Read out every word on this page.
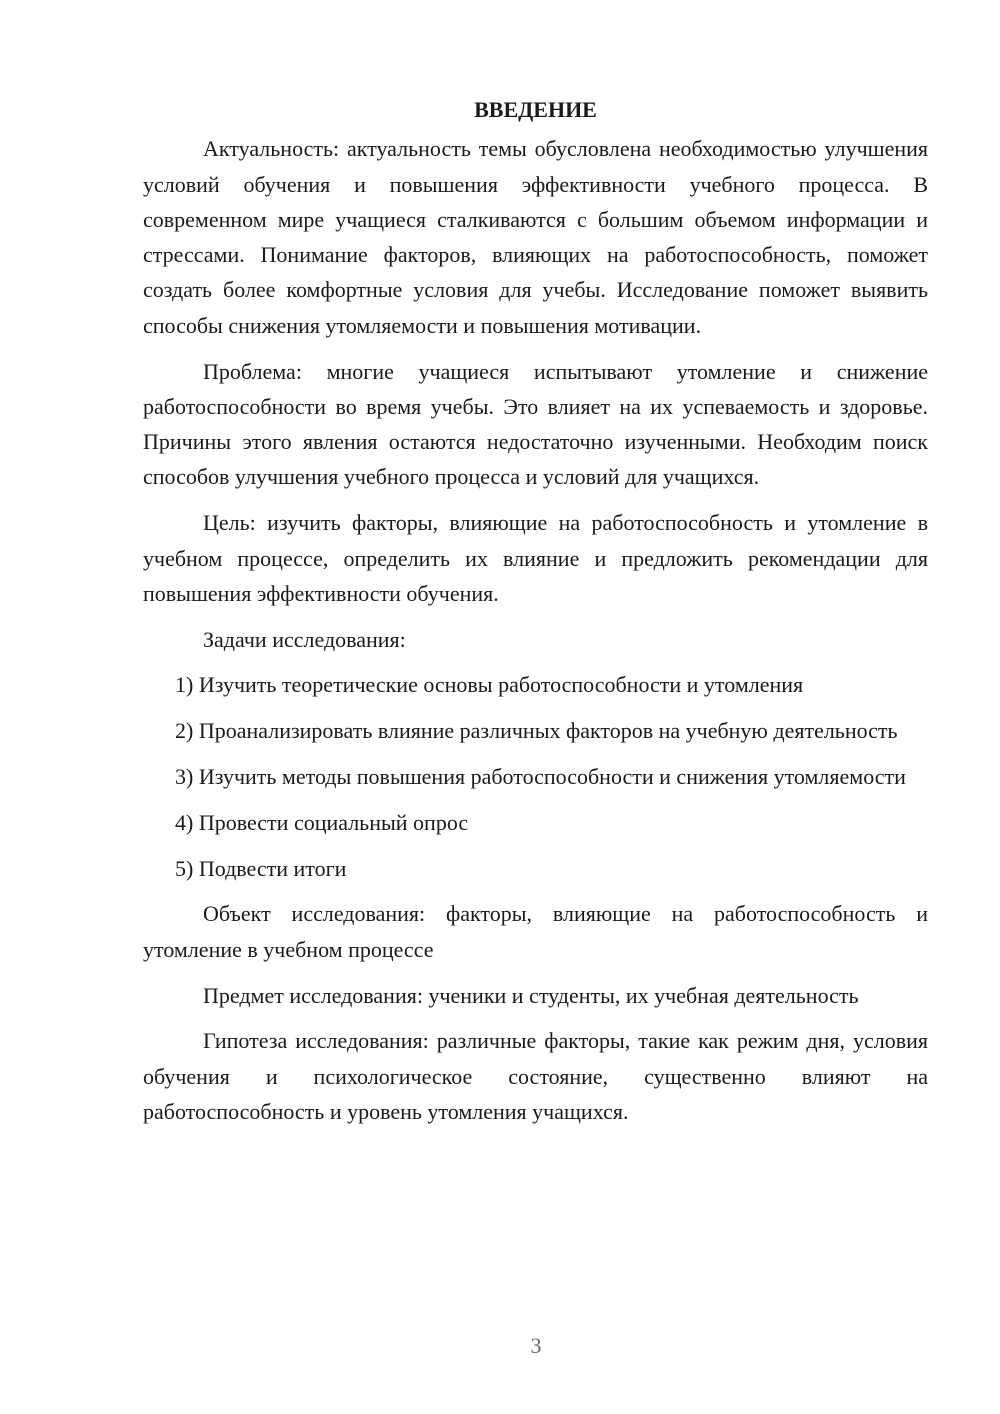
ВВЕДЕНИЕ

Актуальность: актуальность темы обусловлена необходимостью улучшения условий обучения и повышения эффективности учебного процесса. В современном мире учащиеся сталкиваются с большим объемом информации и стрессами. Понимание факторов, влияющих на работоспособность, поможет создать более комфортные условия для учебы. Исследование поможет выявить способы снижения утомляемости и повышения мотивации.

Проблема: многие учащиеся испытывают утомление и снижение работоспособности во время учебы. Это влияет на их успеваемость и здоровье. Причины этого явления остаются недостаточно изученными. Необходим поиск способов улучшения учебного процесса и условий для учащихся.

Цель: изучить факторы, влияющие на работоспособность и утомление в учебном процессе, определить их влияние и предложить рекомендации для повышения эффективности обучения.

Задачи исследования:

1) Изучить теоретические основы работоспособности и утомления

2) Проанализировать влияние различных факторов на учебную деятельность

3) Изучить методы повышения работоспособности и снижения утомляемости

4) Провести социальный опрос

5) Подвести итоги

Объект исследования: факторы, влияющие на работоспособность и утомление в учебном процессе

Предмет исследования: ученики и студенты, их учебная деятельность

Гипотеза исследования: различные факторы, такие как режим дня, условия обучения и психологическое состояние, существенно влияют на работоспособность и уровень утомления учащихся.

3
